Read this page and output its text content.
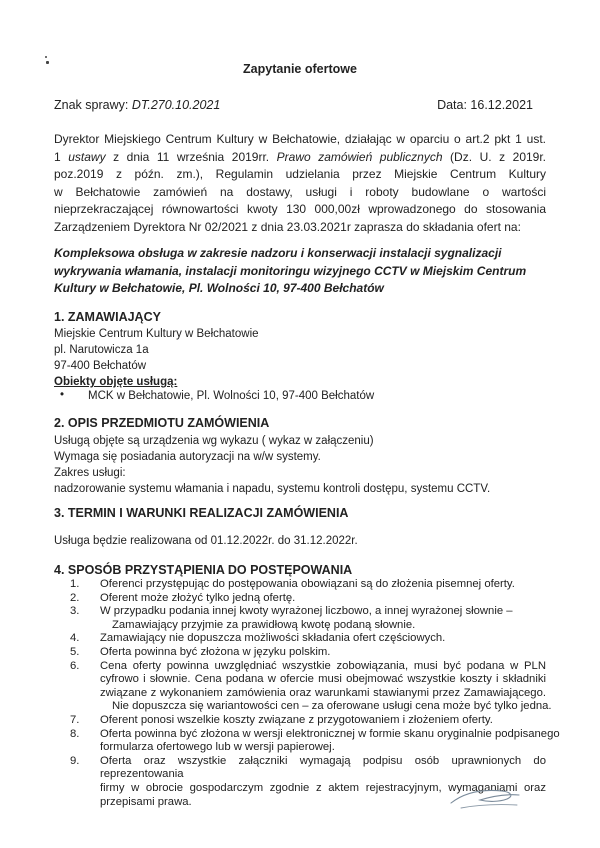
Zapytanie ofertowe
Znak sprawy: DT.270.10.2021	Data: 16.12.2021
Dyrektor Miejskiego Centrum Kultury w Bełchatowie, działając w oparciu o art.2 pkt 1 ust.
1 ustawy z dnia 11 września 2019rr. Prawo zamówień publicznych (Dz. U. z 2019r.
poz.2019 z późn. zm.), Regulamin udzielania przez Miejskie Centrum Kultury
w Bełchatowie zamówień na dostawy, usługi i roboty budowlane o wartości
nieprzekraczającej równowartości kwoty 130 000,00zł wprowadzonego do stosowania
Zarządzeniem Dyrektora Nr 02/2021 z dnia 23.03.2021r zaprasza do składania ofert na:
Kompleksowa obsługa w zakresie nadzoru i konserwacji instalacji sygnalizacji
wykrywania włamania, instalacji monitoringu wizyjnego CCTV w Miejskim Centrum
Kultury w Bełchatowie, Pl. Wolności 10, 97-400 Bełchatów
1. ZAMAWIAJĄCY
Miejskie Centrum Kultury w Bełchatowie
pl. Narutowicza 1a
97-400 Bełchatów
Obiekty objęte usługą:
• MCK w Bełchatowie, Pl. Wolności 10, 97-400 Bełchatów
2. OPIS PRZEDMIOTU ZAMÓWIENIA
Usługą objęte są urządzenia wg wykazu ( wykaz w załączeniu)
Wymaga się posiadania autoryzacji na w/w systemy.
Zakres usługi:
nadzorowanie systemu włamania i napadu, systemu kontroli dostępu, systemu CCTV.
3. TERMIN I WARUNKI REALIZACJI ZAMÓWIENIA
Usługa będzie realizowana od 01.12.2022r. do 31.12.2022r.
4. SPOSÓB PRZYSTĄPIENIA DO POSTĘPOWANIA
1. Oferenci przystępując do postępowania obowiązani są do złożenia pisemnej oferty.
2. Oferent może złożyć tylko jedną ofertę.
3. W przypadku podania innej kwoty wyrażonej liczbowo, a innej wyrażonej słownie –
Zamawiający przyjmie za prawidłową kwotę podaną słownie.
4. Zamawiający nie dopuszcza możliwości składania ofert częściowych.
5. Oferta powinna być złożona w języku polskim.
6. Cena oferty powinna uwzględniać wszystkie zobowiązania, musi być podana w PLN
cyfrowo i słownie. Cena podana w ofercie musi obejmować wszystkie koszty i składniki
związane z wykonaniem zamówienia oraz warunkami stawianymi przez Zamawiającego.
Nie dopuszcza się wariantowości cen – za oferowane usługi cena może być tylko jedna.
7. Oferent ponosi wszelkie koszty związane z przygotowaniem i złożeniem oferty.
8. Oferta powinna być złożona w wersji elektronicznej w formie skanu oryginalnie podpisanego
formularza ofertowego lub w wersji papierowej.
9. Oferta oraz wszystkie załączniki wymagają podpisu osób uprawnionych do reprezentowania
firmy w obrocie gospodarczym zgodnie z aktem rejestracyjnym, wymaganiami oraz
przepisami prawa.
